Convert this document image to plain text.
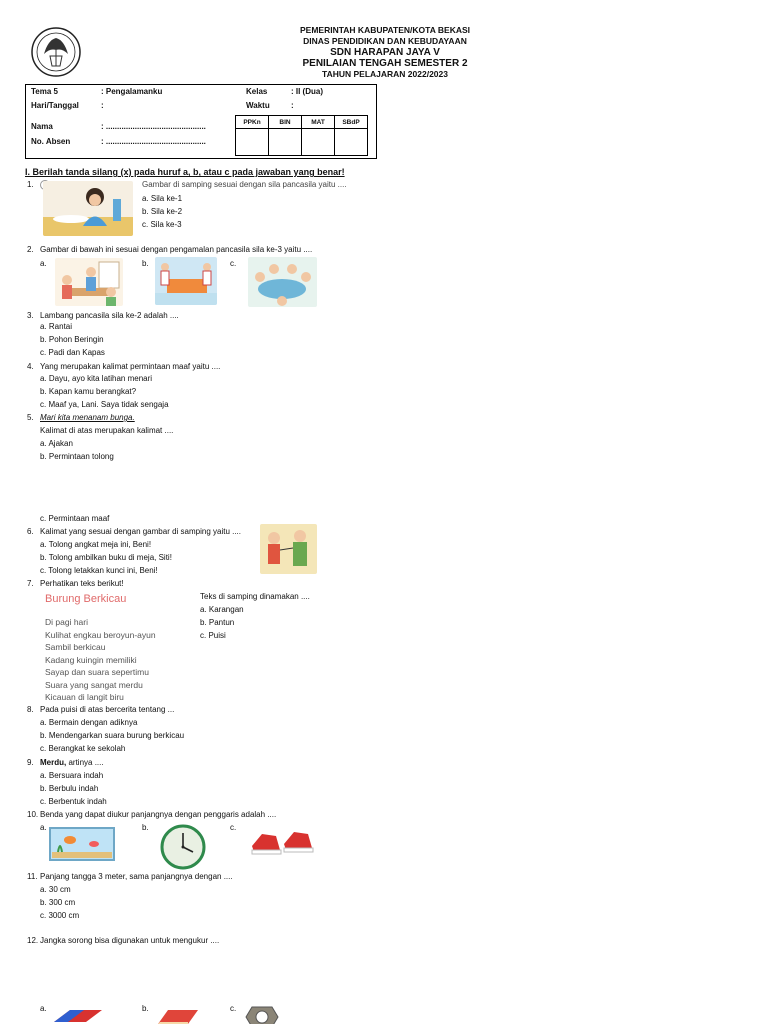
PEMERINTAH KABUPATEN/KOTA BEKASI
DINAS PENDIDIKAN DAN KEBUDAYAAN
SDN HARAPAN JAYA V
PENILAIAN TENGAH SEMESTER 2
TAHUN PELAJARAN 2022/2023
Tema 5	: Pengalamanku	Kelas	: II (Dua)
Hari/Tanggal	:	Waktu	:
Nama	: .............................................
No. Absen	: .............................................
PPKn	BIN	MAT	SBdP

I. Berilah tanda silang (x) pada huruf a, b, atau c pada jawaban yang benar!
1.	Gambar di samping sesuai dengan sila pancasila yaitu ....
a. Sila ke-1
b. Sila ke-2
c. Sila ke-3
2. Gambar di bawah ini sesuai dengan pengamalan pancasila sila ke-3 yaitu ....
a.	b.	c.
3. Lambang pancasila sila ke-2 adalah ....
a. Rantai
b. Pohon Beringin
c. Padi dan Kapas
4. Yang merupakan kalimat permintaan maaf yaitu ....
a. Dayu, ayo kita latihan menari
b. Kapan kamu berangkat?
c. Maaf ya, Lani. Saya tidak sengaja
5. Mari kita menanam bunga.
Kalimat di atas merupakan kalimat ....
a. Ajakan
b. Permintaan tolong
c. Permintaan maaf
6. Kalimat yang sesuai dengan gambar di samping yaitu ....
a. Tolong angkat meja ini, Beni!
b. Tolong ambilkan buku di meja, Siti!
c. Tolong letakkan kunci ini, Beni!
7. Perhatikan teks berikut!
Burung Berkicau
Di pagi hari
Kulihat engkau beroyun-ayun
Sambil berkicau
Kadang kuingin memiliki
Sayap dan suara sepertimu
Suara yang sangat merdu
Kicauan di langit biru
Teks di samping dinamakan ....
a. Karangan
b. Pantun
c. Puisi
8. Pada puisi di atas bercerita tentang ...
a. Bermain dengan adiknya
b. Mendengarkan suara burung berkicau
c. Berangkat ke sekolah
9. Merdu, artinya ....
a. Bersuara indah
b. Berbulu indah
c. Berbentuk indah
10. Benda yang dapat diukur panjangnya dengan penggaris adalah ....
a.	b.	c.
11. Panjang tangga 3 meter, sama panjangnya dengan ....
a. 30 cm
b. 300 cm
c. 3000 cm
12. Jangka sorong bisa digunakan untuk mengukur ....
a.	b.	c.
